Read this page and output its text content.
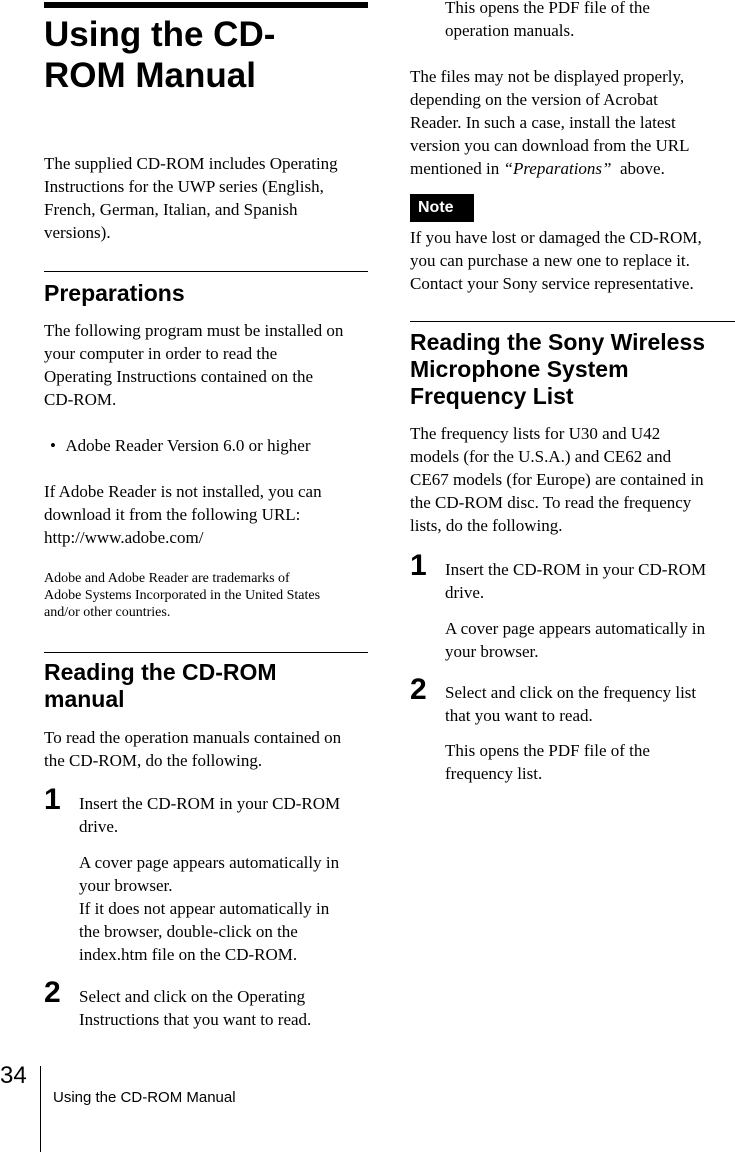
Using the CD-
ROM Manual
The supplied CD-ROM includes Operating
Instructions for the UWP series (English,
French, German, Italian, and Spanish
versions).
Preparations
The following program must be installed on
your computer in order to read the
Operating Instructions contained on the
CD-ROM.
• Adobe Reader Version 6.0 or higher
If Adobe Reader is not installed, you can
download it from the following URL:
http://www.adobe.com/
Adobe and Adobe Reader are trademarks of
Adobe Systems Incorporated in the United States
and/or other countries.
Reading the CD-ROM
manual
To read the operation manuals contained on
the CD-ROM, do the following.
1 Insert the CD-ROM in your CD-ROM
drive.
A cover page appears automatically in
your browser.
If it does not appear automatically in
the browser, double-click on the
index.htm file on the CD-ROM.
2 Select and click on the Operating
Instructions that you want to read.
This opens the PDF file of the
operation manuals.
The files may not be displayed properly,
depending on the version of Acrobat
Reader. In such a case, install the latest
version you can download from the URL
mentioned in “Preparations”  above.
Note
If you have lost or damaged the CD-ROM,
you can purchase a new one to replace it.
Contact your Sony service representative.
Reading the Sony Wireless
Microphone System
Frequency List
The frequency lists for U30 and U42
models (for the U.S.A.) and CE62 and
CE67 models (for Europe) are contained in
the CD-ROM disc. To read the frequency
lists, do the following.
1 Insert the CD-ROM in your CD-ROM
drive.
A cover page appears automatically in
your browser.
2 Select and click on the frequency list
that you want to read.
This opens the PDF file of the
frequency list.
34
Using the CD-ROM Manual
